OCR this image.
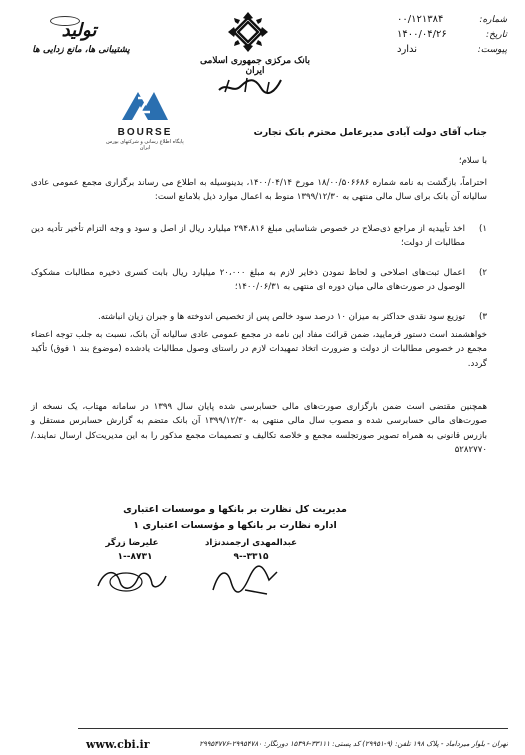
تولید
پشتیبانی ها، مانع زدایی ها
بانک مرکزی جمهوری اسلامی ایران
شماره:
۰۰/۱۲۱۳۸۴
تاریخ:
۱۴۰۰/۰۴/۲۶
پیوست:
ندارد
BOURSE
پایگاه اطلاع رسانی و شرکتهای بورس ایران
جناب آقای دولت آبادی مدیرعامل محترم بانک تجارت
با سلام؛
احتراماً، بازگشت به نامه شماره ۱۸/۰۰/۵۰۶۶۸۶ مورخ ۱۴۰۰/۰۴/۱۴، بدینوسیله به اطلاع می رساند برگزاری مجمع عمومی عادی سالیانه آن بانک برای سال مالی منتهی به ۱۳۹۹/۱۲/۳۰ منوط به اعمال موارد ذیل بلامانع است:
۱)
اخذ تأییدیه از مراجع ذی‌صلاح در خصوص شناسایی مبلغ ۲۹۴،۸۱۶ میلیارد ریال از اصل و سود و وجه التزام تأخیر تأدیه دین مطالبات از دولت؛
۲)
اعمال ثبت‌های اصلاحی و لحاظ نمودن ذخایر لازم به مبلغ ۲۰،۰۰۰ میلیارد ریال بابت کسری ذخیره مطالبات مشکوک الوصول در صورت‌های مالی میان دوره ای منتهی به ۱۴۰۰/۰۶/۳۱؛
۳)
توزیع سود نقدی حداکثر به میزان ۱۰ درصد سود خالص پس از تخصیص اندوخته ها و جبران زیان انباشته.
خواهشمند است دستور فرمایید، ضمن قرائت مفاد این نامه در مجمع عمومی عادی سالیانه آن بانک، نسبت به جلب توجه اعضاء مجمع در خصوص مطالبات از دولت و ضرورت اتخاذ تمهیدات لازم در راستای وصول مطالبات یادشده (موضوع بند ۱ فوق) تأکید گردد.
همچنین مقتضی است ضمن بارگزاری صورت‌های مالی حسابرسی شده پایان سال ۱۳۹۹ در سامانه مهتاب، یک نسخه از صورت‌های مالی حسابرسی شده و مصوب سال مالی منتهی به ۱۳۹۹/۱۲/۳۰ آن بانک متضم به گزارش حسابرس مستقل و بازرس قانونی به همراه تصویر صورتجلسه مجمع و خلاصه تکالیف و تصمیمات مجمع مذکور را به این مدیریت‌کل ارسال نمایند./۵۲۸۲۷۷۰
مدیریت کل نظارت بر بانکها و موسسات اعتباری
اداره نظارت بر بانکها و مؤسسات اعتباری ۱
عبدالمهدی ارجمندنژاد
علیرضا زرگر
۹--۳۳۱۵
۱--۸۷۳۱
www.cbi.ir	تهران - بلوار میرداماد - پلاک ۱۹۸ تلفن: (۹-۲۹۹۵۱) کد پستی: ۳۳۱۱۱-۱۵۳۹۶ دورنگار: ۲۹۹۵۴۷۸۰-۲۹۹۵۴۷۷۶
